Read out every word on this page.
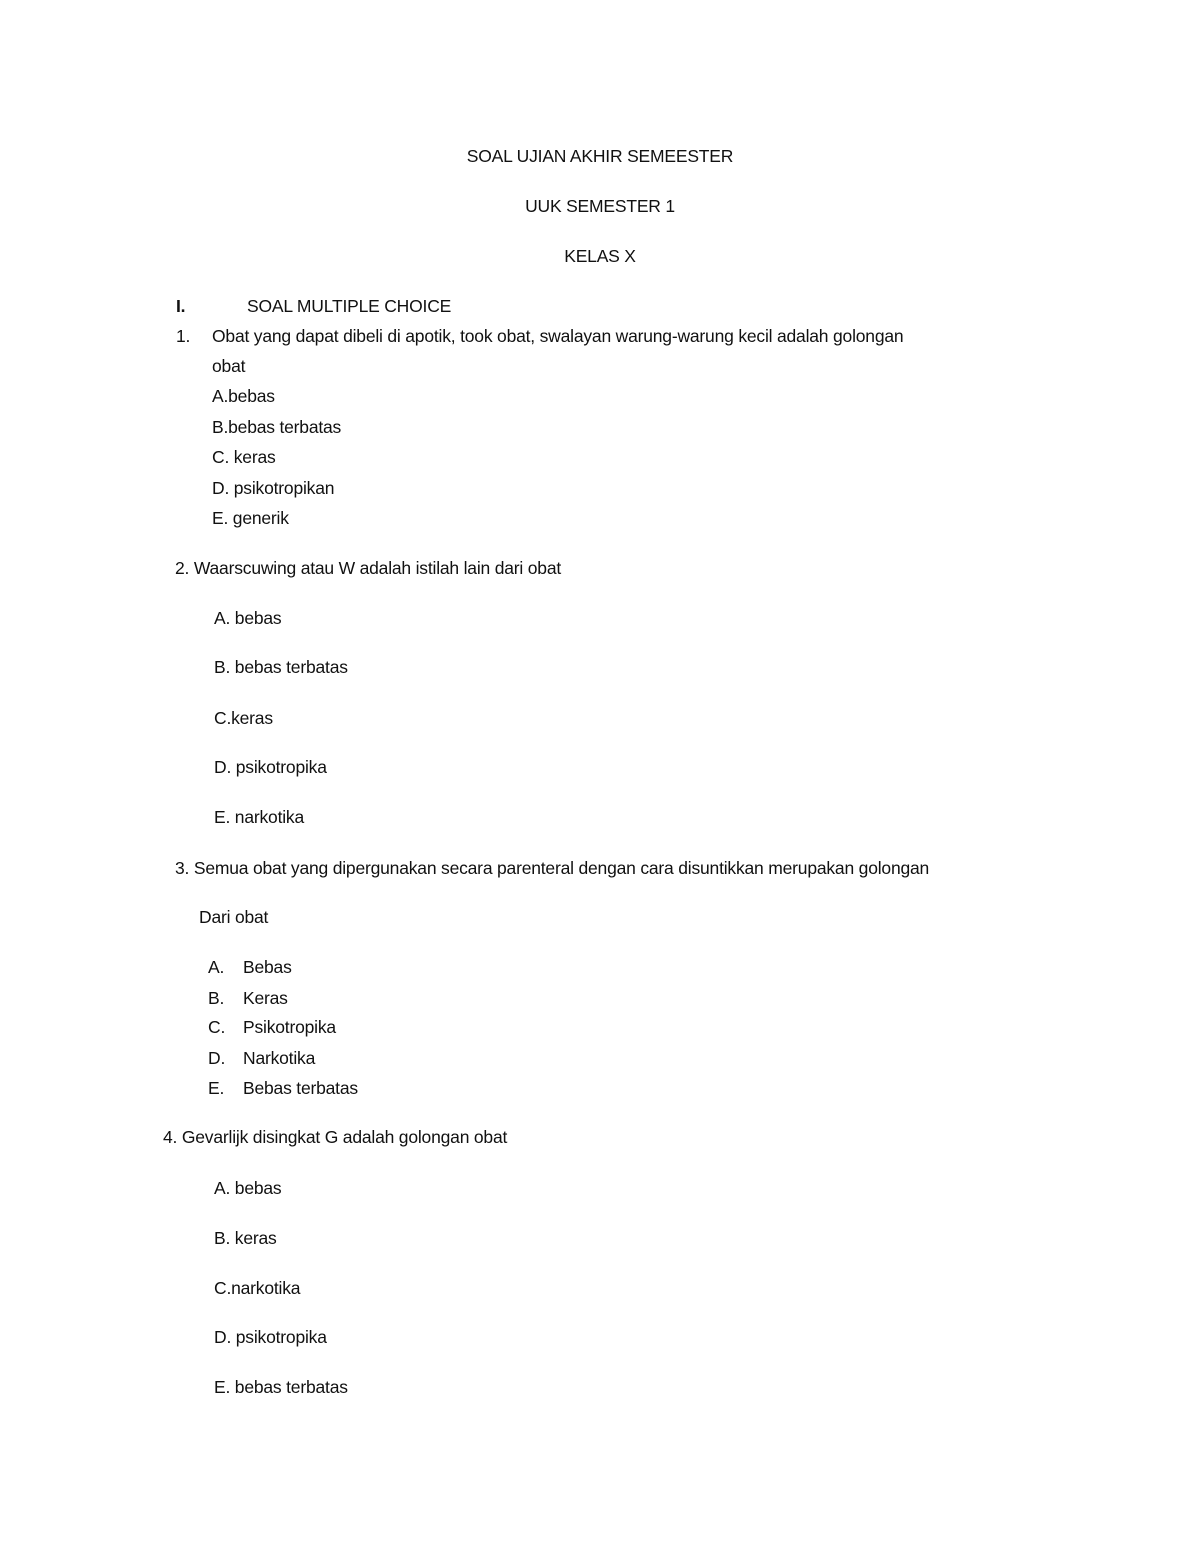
SOAL UJIAN AKHIR SEMEESTER
UUK SEMESTER 1
KELAS X
I.	SOAL MULTIPLE CHOICE
1. Obat yang dapat dibeli di apotik, took obat, swalayan warung-warung kecil adalah golongan
obat
A.bebas
B.bebas terbatas
C. keras
D. psikotropikan
E. generik
2. Waarscuwing atau W adalah istilah lain dari obat
A. bebas
B. bebas terbatas
C.keras
D. psikotropika
E. narkotika
3. Semua obat yang dipergunakan secara parenteral dengan cara disuntikkan merupakan golongan
Dari obat
A. Bebas
B. Keras
C. Psikotropika
D. Narkotika
E. Bebas terbatas
4. Gevarlijk disingkat G adalah golongan obat
A. bebas
B. keras
C.narkotika
D. psikotropika
E. bebas terbatas
